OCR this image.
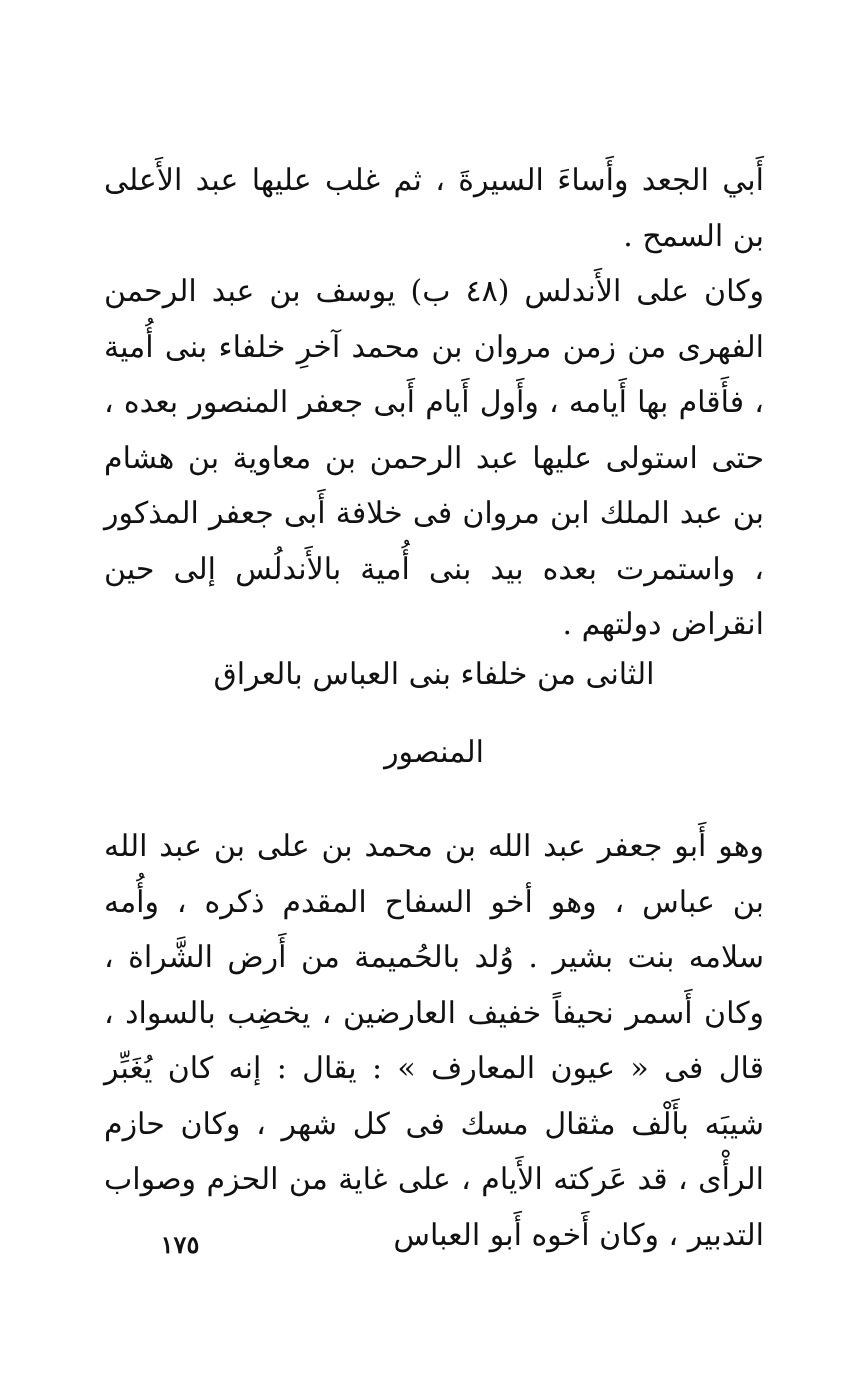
أَبي الجعد وأَساءَ السيرةَ ، ثم غلب عليها عبد الأَعلى بن السمح .

وكان على الأَندلس (٤٨ ب) يوسف بن عبد الرحمن الفهرى من زمن مروان بن محمد آخرِ خلفاء بنى أُمية ، فأَقام بها أَيامه ، وأَول أَيام أَبى جعفر المنصور بعده ، حتى استولى عليها عبد الرحمن بن معاوية بن هشام بن عبد الملك ابن مروان فى خلافة أَبى جعفر المذكور ، واستمرت بعده بيد بنى أُمية بالأَندلُس إلى حين انقراض دولتهم .

الثانى من خلفاء بنى العباس بالعراق
المنصور

وهو أَبو جعفر عبد الله بن محمد بن على بن عبد الله بن عباس ، وهو أخو السفاح المقدم ذكره ، وأُمه سلامه بنت بشير . وُلد بالحُميمة من أَرض الشَّراة ، وكان أَسمر نحيفاً خفيف العارضين ، يخضِب بالسواد ، قال فى « عيون المعارف » : يقال : إنه كان يُغَبِّر شيبَه بأَلْف مثقال مسك فى كل شهر ، وكان حازم الرأْى ، قد عَركته الأَيام ، على غاية من الحزم وصواب التدبير ، وكان أَخوه أَبو العباس

١٧٥
